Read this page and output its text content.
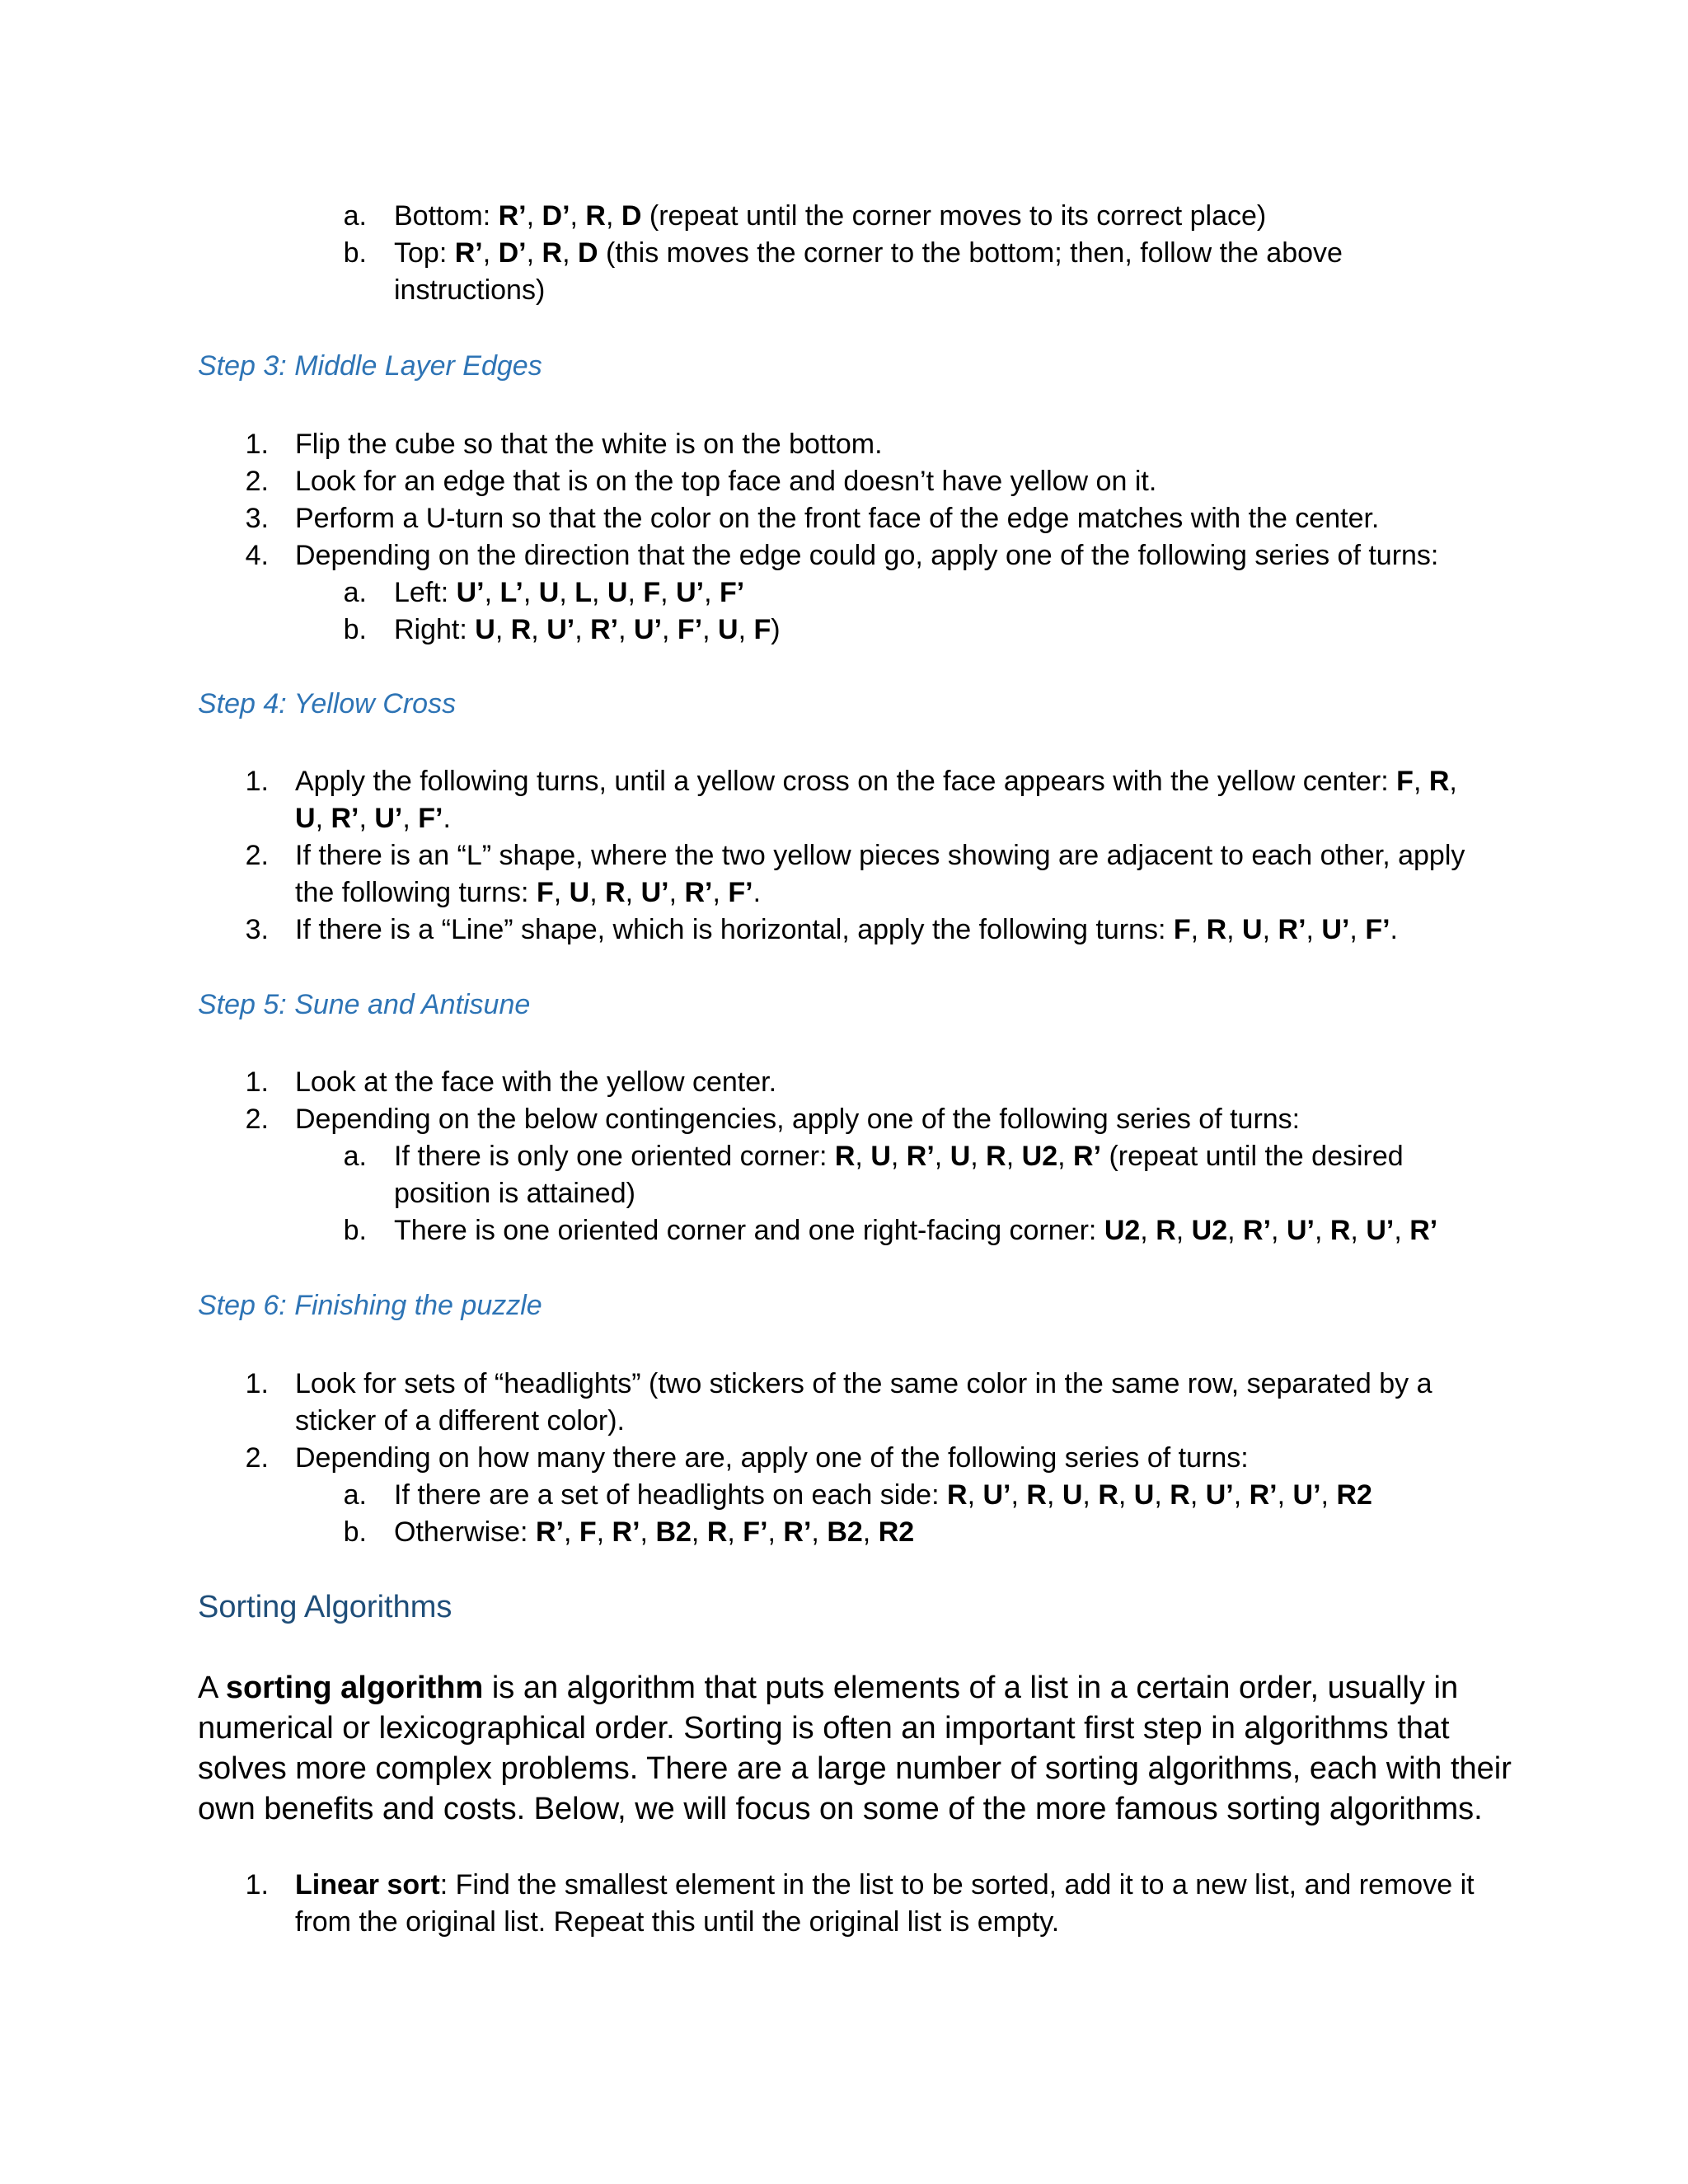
a. Bottom: R’, D’, R, D (repeat until the corner moves to its correct place)
b. Top: R’, D’, R, D (this moves the corner to the bottom; then, follow the above
instructions)
Step 3: Middle Layer Edges
1. Flip the cube so that the white is on the bottom.
2. Look for an edge that is on the top face and doesn’t have yellow on it.
3. Perform a U-turn so that the color on the front face of the edge matches with the center.
4. Depending on the direction that the edge could go, apply one of the following series of turns:
a. Left: U’, L’, U, L, U, F, U’, F’
b. Right: U, R, U’, R’, U’, F’, U, F)
Step 4: Yellow Cross
1. Apply the following turns, until a yellow cross on the face appears with the yellow center: F, R,
U, R’, U’, F’.
2. If there is an “L” shape, where the two yellow pieces showing are adjacent to each other, apply
the following turns: F, U, R, U’, R’, F’.
3. If there is a “Line” shape, which is horizontal, apply the following turns: F, R, U, R’, U’, F’.
Step 5: Sune and Antisune
1. Look at the face with the yellow center.
2. Depending on the below contingencies, apply one of the following series of turns:
a. If there is only one oriented corner: R, U, R’, U, R, U2, R’ (repeat until the desired
position is attained)
b. There is one oriented corner and one right-facing corner: U2, R, U2, R’, U’, R, U’, R’
Step 6: Finishing the puzzle
1. Look for sets of “headlights” (two stickers of the same color in the same row, separated by a
sticker of a different color).
2. Depending on how many there are, apply one of the following series of turns:
a. If there are a set of headlights on each side: R, U’, R, U, R, U, R, U’, R’, U’, R2
b. Otherwise: R’, F, R’, B2, R, F’, R’, B2, R2
Sorting Algorithms
A sorting algorithm is an algorithm that puts elements of a list in a certain order, usually in
numerical or lexicographical order. Sorting is often an important first step in algorithms that
solves more complex problems. There are a large number of sorting algorithms, each with their
own benefits and costs. Below, we will focus on some of the more famous sorting algorithms.
1. Linear sort: Find the smallest element in the list to be sorted, add it to a new list, and remove it
from the original list. Repeat this until the original list is empty.
